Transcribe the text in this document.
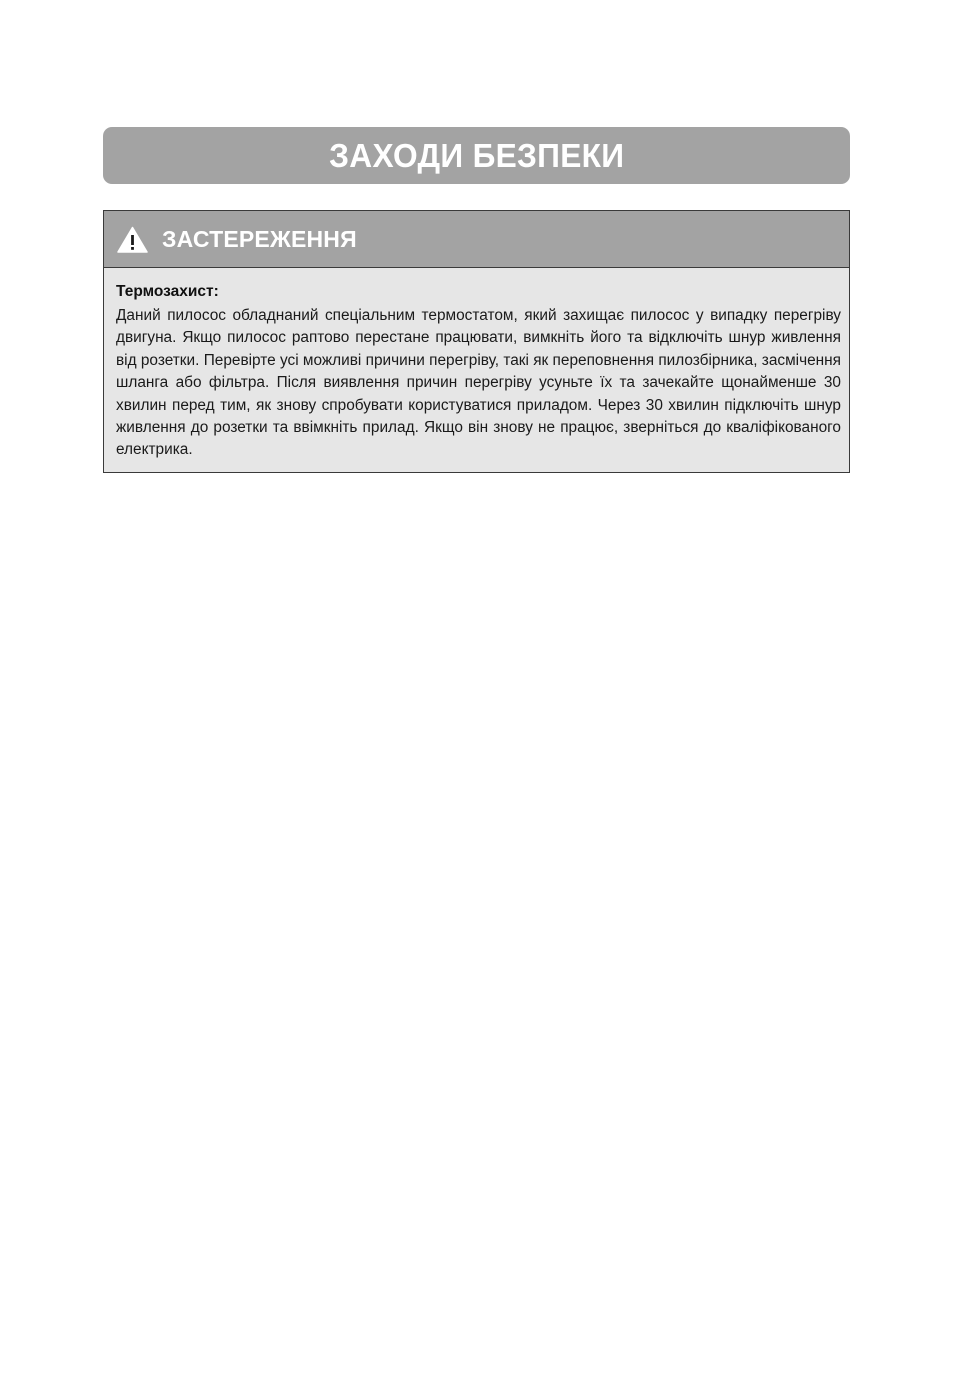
ЗАХОДИ БЕЗПЕКИ
ЗАСТЕРЕЖЕННЯ

Термозахист:

Даний пилосос обладнаний спеціальним термостатом, який захищає пилосос у випадку перегріву двигуна. Якщо пилосос раптово перестане працювати, вимкніть його та відключіть шнур живлення від розетки. Перевірте усі можливі причини перегріву, такі як переповнення пилозбірника, засмічення шланга або фільтра. Після виявлення причин перегріву усуньте їх та зачекайте щонайменше 30 хвилин перед тим, як знову спробувати користуватися приладом. Через 30 хвилин підключіть шнур живлення до розетки та ввімкніть прилад. Якщо він знову не працює, зверніться до кваліфікованого електрика.
